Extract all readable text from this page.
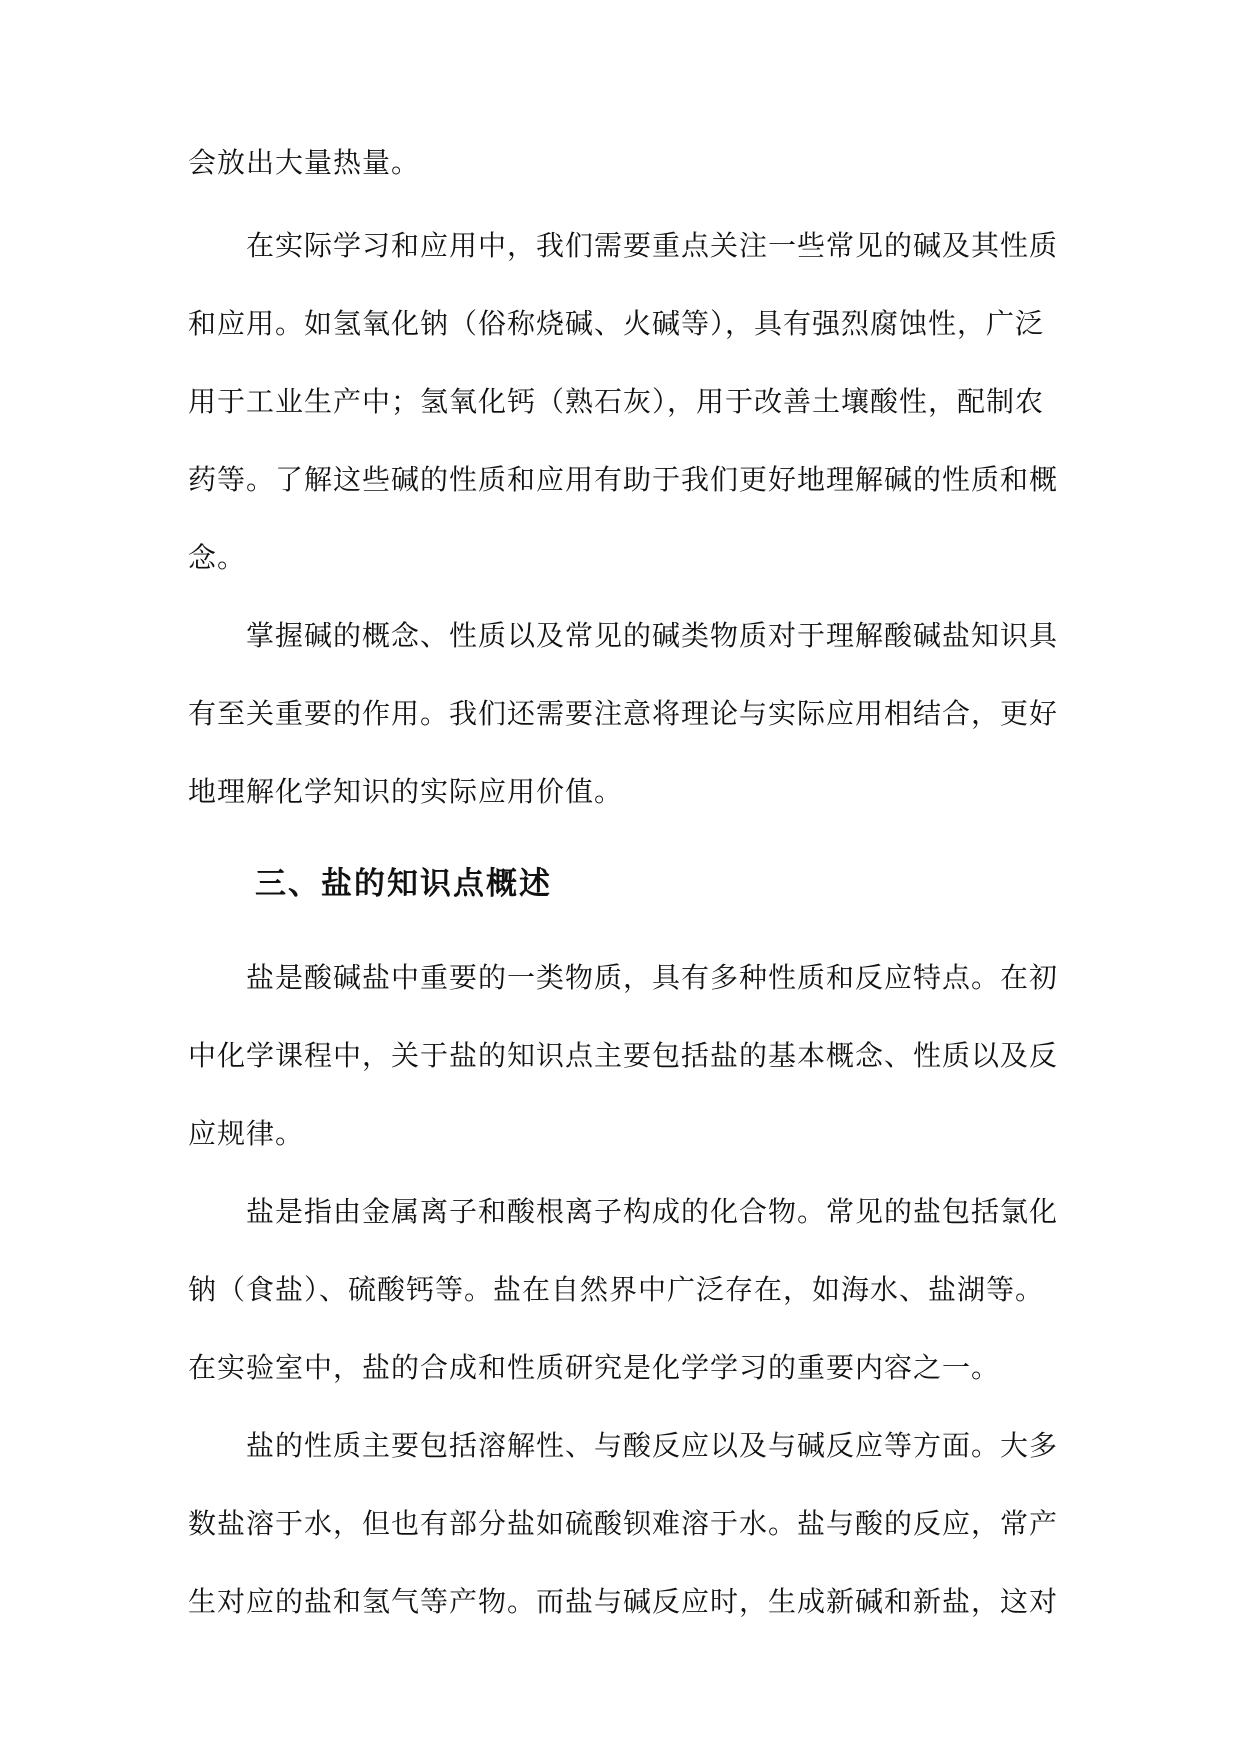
会放出大量热量。
在实际学习和应用中，我们需要重点关注一些常见的碱及其性质
和应用。如氢氧化钠（俗称烧碱、火碱等），具有强烈腐蚀性，广泛
用于工业生产中；氢氧化钙（熟石灰），用于改善土壤酸性，配制农
药等。了解这些碱的性质和应用有助于我们更好地理解碱的性质和概
念。
掌握碱的概念、性质以及常见的碱类物质对于理解酸碱盐知识具
有至关重要的作用。我们还需要注意将理论与实际应用相结合，更好
地理解化学知识的实际应用价值。
盐是酸碱盐中重要的一类物质，具有多种性质和反应特点。在初
中化学课程中，关于盐的知识点主要包括盐的基本概念、性质以及反
应规律。
盐是指由金属离子和酸根离子构成的化合物。常见的盐包括氯化
钠（食盐）、硫酸钙等。盐在自然界中广泛存在，如海水、盐湖等。
在实验室中，盐的合成和性质研究是化学学习的重要内容之一。
盐的性质主要包括溶解性、与酸反应以及与碱反应等方面。大多
数盐溶于水，但也有部分盐如硫酸钡难溶于水。盐与酸的反应，常产
生对应的盐和氢气等产物。而盐与碱反应时，生成新碱和新盐，这对
三、盐的知识点概述
